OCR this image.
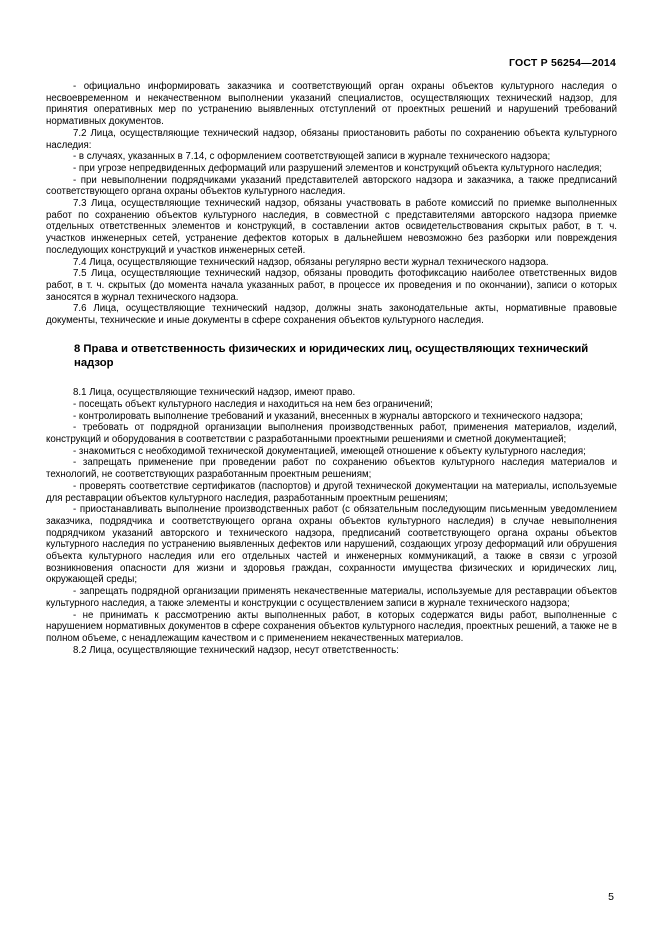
ГОСТ Р 56254—2014

- официально информировать заказчика и соответствующий орган охраны объектов культурного наследия о несвоевременном и некачественном выполнении указаний специалистов, осуществляющих технический надзор, для принятия оперативных мер по устранению выявленных отступлений от проектных решений и нарушений требований нормативных документов.

7.2 Лица, осуществляющие технический надзор, обязаны приостановить работы по сохранению объекта культурного наследия:

- в случаях, указанных в 7.14, с оформлением соответствующей записи в журнале технического надзора;

- при угрозе непредвиденных деформаций или разрушений элементов и конструкций объекта культурного наследия;

- при невыполнении подрядчиками указаний представителей авторского надзора и заказчика, а также предписаний соответствующего органа охраны объектов культурного наследия.

7.3 Лица, осуществляющие технический надзор, обязаны участвовать в работе комиссий по приемке выполненных работ по сохранению объектов культурного наследия, в совместной с представителями авторского надзора приемке отдельных ответственных элементов и конструкций, в составлении актов освидетельствования скрытых работ, в т. ч. участков инженерных сетей, устранение дефектов которых в дальнейшем невозможно без разборки или повреждения последующих конструкций и участков инженерных сетей.

7.4 Лица, осуществляющие технический надзор, обязаны регулярно вести журнал технического надзора.

7.5 Лица, осуществляющие технический надзор, обязаны проводить фотофиксацию наиболее ответственных видов работ, в т. ч. скрытых (до момента начала указанных работ, в процессе их проведения и по окончании), записи о которых заносятся в журнал технического надзора.

7.6 Лица, осуществляющие технический надзор, должны знать законодательные акты, нормативные правовые документы, технические и иные документы в сфере сохранения объектов культурного наследия.

8 Права и ответственность физических и юридических лиц, осуществляющих технический надзор

8.1 Лица, осуществляющие технический надзор, имеют право.

- посещать объект культурного наследия и находиться на нем без ограничений;

- контролировать выполнение требований и указаний, внесенных в журналы авторского и технического надзора;

- требовать от подрядной организации выполнения производственных работ, применения материалов, изделий, конструкций и оборудования в соответствии с разработанными проектными решениями и сметной документацией;

- знакомиться с необходимой технической документацией, имеющей отношение к объекту культурного наследия;

- запрещать применение при проведении работ по сохранению объектов культурного наследия материалов и технологий, не соответствующих разработанным проектным решениям;

- проверять соответствие сертификатов (паспортов) и другой технической документации на материалы, используемые для реставрации объектов культурного наследия, разработанным проектным решениям;

- приостанавливать выполнение производственных работ (с обязательным последующим письменным уведомлением заказчика, подрядчика и соответствующего органа охраны объектов культурного наследия) в случае невыполнения подрядчиком указаний авторского и технического надзора, предписаний соответствующего органа охраны объектов культурного наследия по устранению выявленных дефектов или нарушений, создающих угрозу деформаций или обрушения объекта культурного наследия или его отдельных частей и инженерных коммуникаций, а также в связи с угрозой возникновения опасности для жизни и здоровья граждан, сохранности имущества физических и юридических лиц, окружающей среды;

- запрещать подрядной организации применять некачественные материалы, используемые для реставрации объектов культурного наследия, а также элементы и конструкции с осуществлением записи в журнале технического надзора;

- не принимать к рассмотрению акты выполненных работ, в которых содержатся виды работ, выполненные с нарушением нормативных документов в сфере сохранения объектов культурного наследия, проектных решений, а также не в полном объеме, с ненадлежащим качеством и с применением некачественных материалов.

8.2 Лица, осуществляющие технический надзор, несут ответственность:

5
